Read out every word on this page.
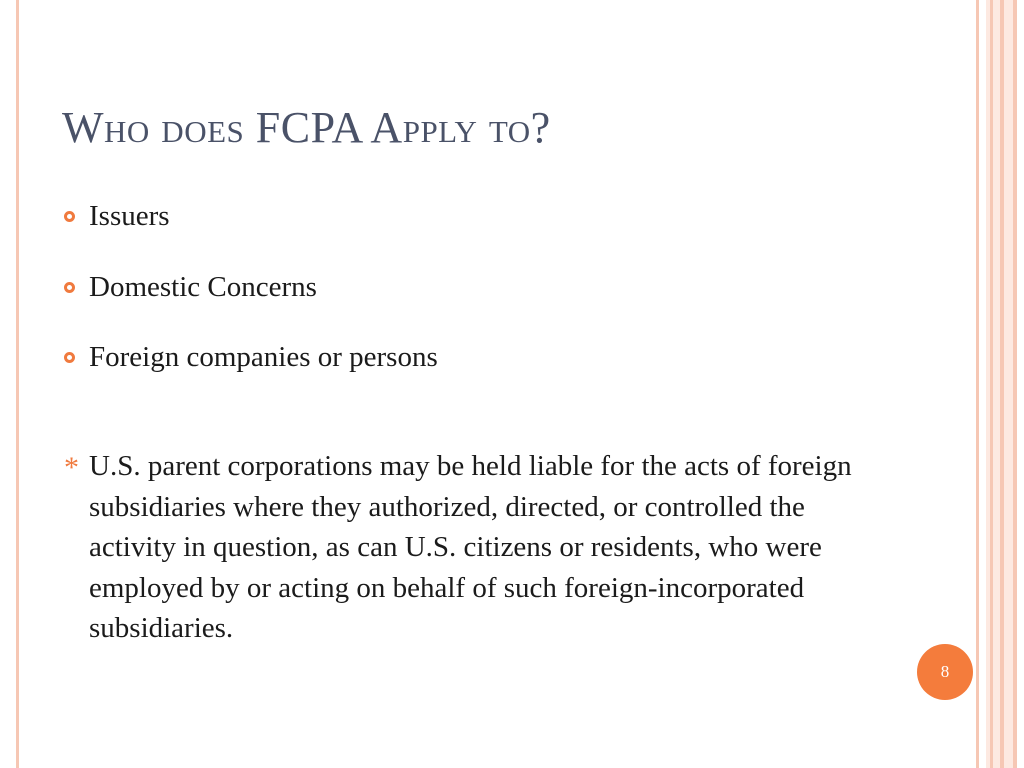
Who does FCPA Apply to?
Issuers
Domestic Concerns
Foreign companies or persons
* U.S. parent corporations may be held liable for the acts of foreign subsidiaries where they authorized, directed, or controlled the activity in question, as can U.S. citizens or residents, who were employed by or acting on behalf of such foreign-incorporated subsidiaries.
8
